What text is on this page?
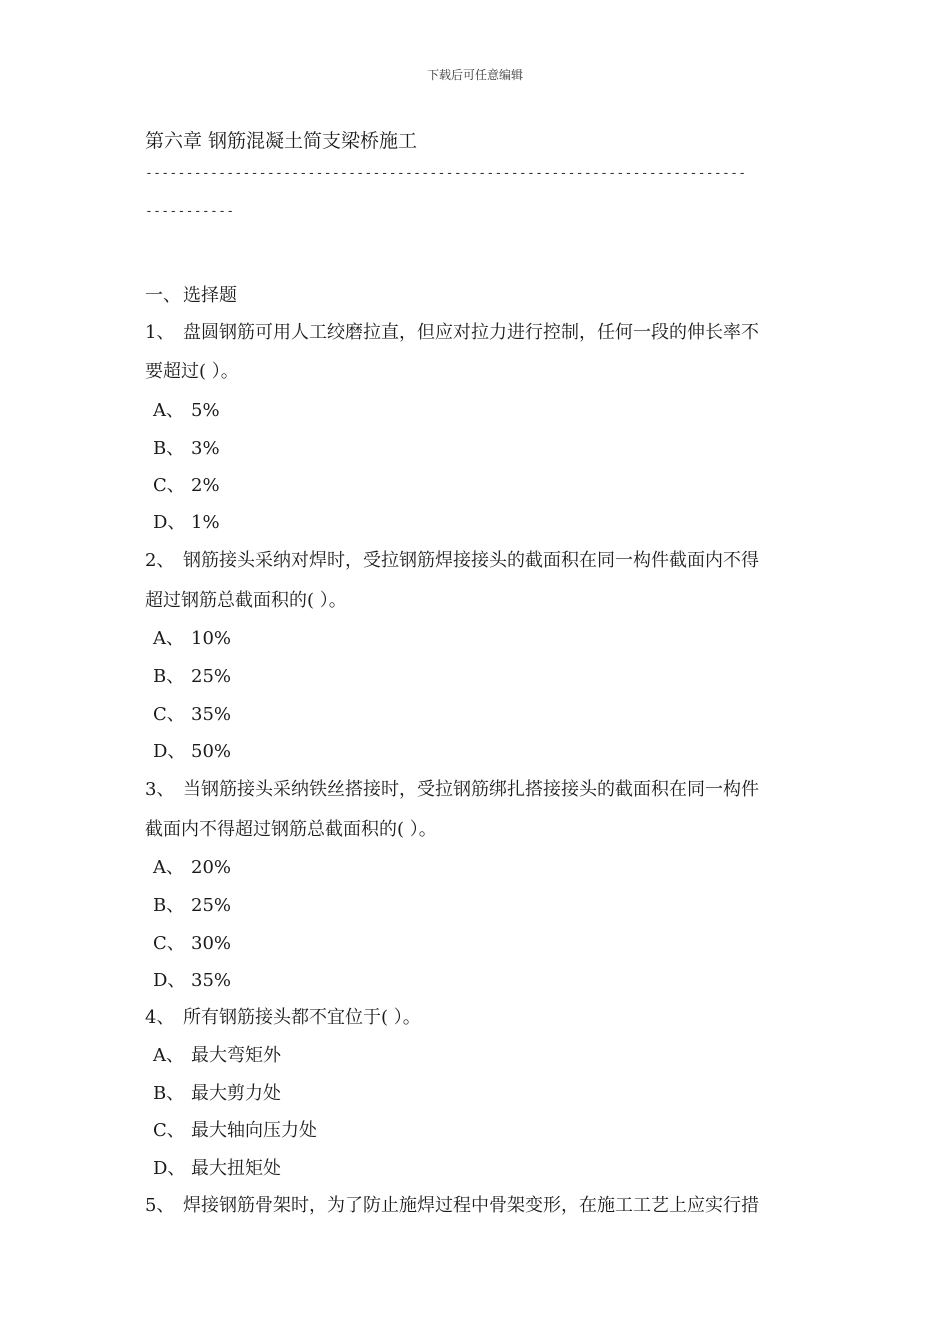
下载后可任意编辑
第六章 钢筋混凝土简支梁桥施工
--------------------------------------------------------------------------
-----------
一、 选择题
1、 盘圆钢筋可用人工绞磨拉直，但应对拉力进行控制，任何一段的伸长率不
要超过( ）。
A、 5%
B、 3%
C、 2%
D、 1%
2、 钢筋接头采纳对焊时，受拉钢筋焊接接头的截面积在同一构件截面内不得
超过钢筋总截面积的( ）。
A、 10%
B、 25%
C、 35%
D、 50%
3、 当钢筋接头采纳铁丝搭接时，受拉钢筋绑扎搭接接头的截面积在同一构件
截面内不得超过钢筋总截面积的( ）。
A、 20%
B、 25%
C、 30%
D、 35%
4、 所有钢筋接头都不宜位于( ）。
A、 最大弯矩外
B、 最大剪力处
C、 最大轴向压力处
D、 最大扭矩处
5、 焊接钢筋骨架时，为了防止施焊过程中骨架变形，在施工工艺上应实行措
